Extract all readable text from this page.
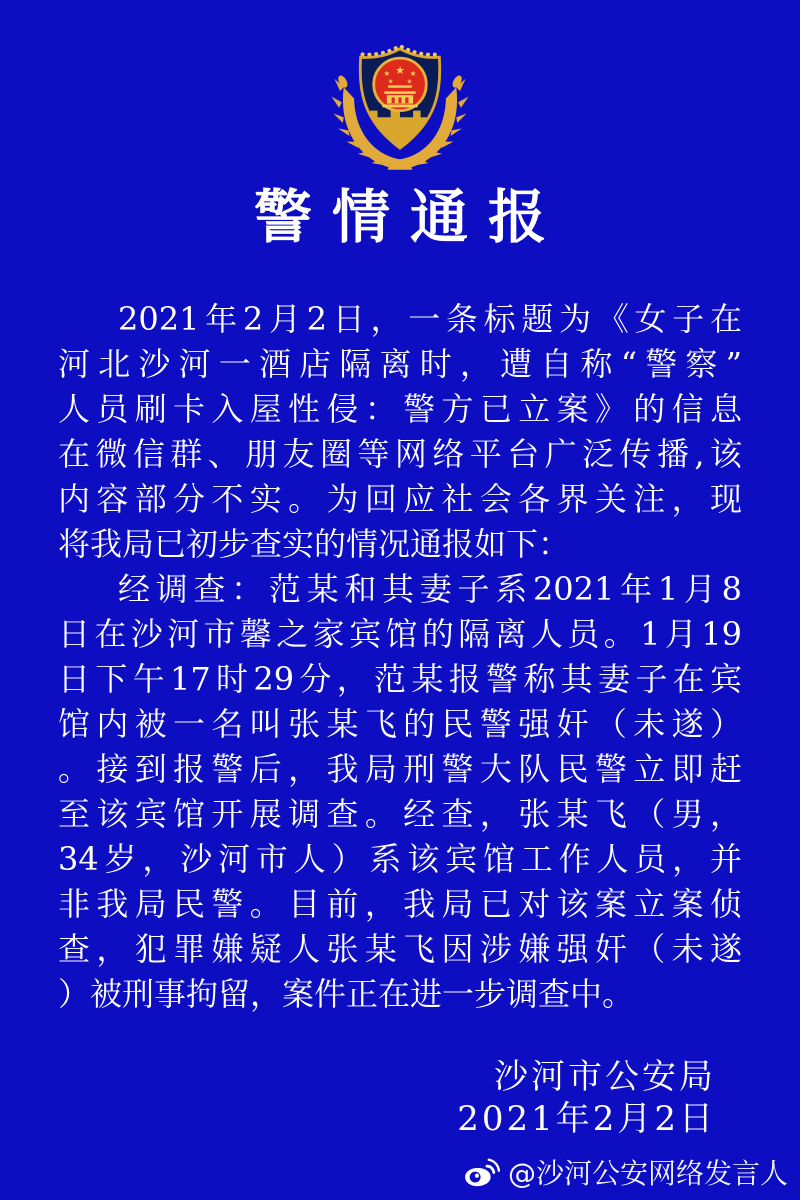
★
★ ★
★ ★
警情通报
2021年2月2日，一条标题为《女子在
河北沙河一酒店隔离时，遭自称“警察”
人员刷卡入屋性侵：警方已立案》的信息
在微信群、朋友圈等网络平台广泛传播,该
内容部分不实。为回应社会各界关注，现
将我局已初步查实的情况通报如下：
经调查：范某和其妻子系2021年1月8
日在沙河市馨之家宾馆的隔离人员。1月19
日下午17时29分，范某报警称其妻子在宾
馆内被一名叫张某飞的民警强奸（未遂）
。接到报警后，我局刑警大队民警立即赶
至该宾馆开展调查。经查，张某飞（男，
34岁，沙河市人）系该宾馆工作人员，并
非我局民警。目前，我局已对该案立案侦
查，犯罪嫌疑人张某飞因涉嫌强奸（未遂
）被刑事拘留，案件正在进一步调查中。
沙河市公安局
2021年2月2日
@沙河公安网络发言人
